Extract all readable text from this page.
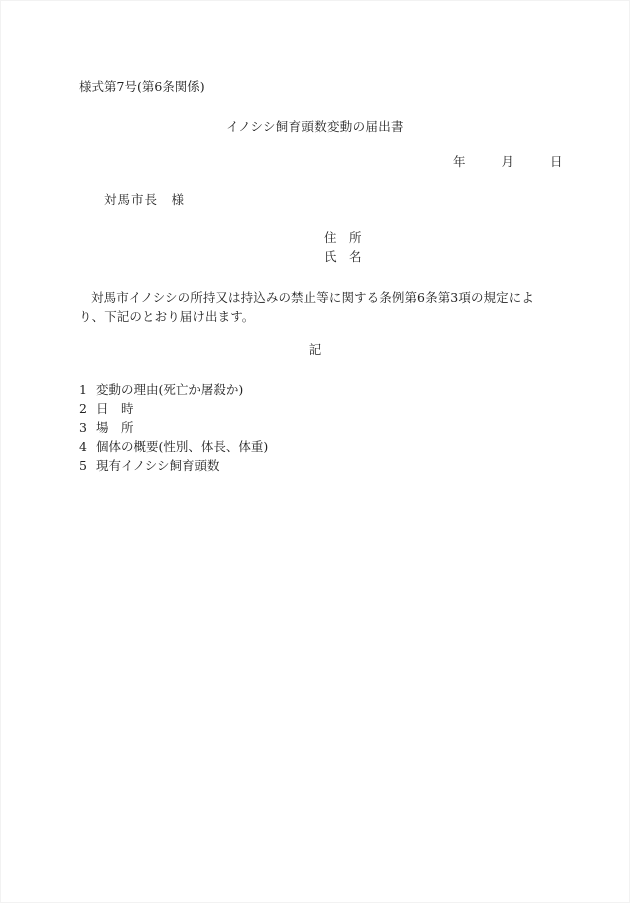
様式第7号(第6条関係)
イノシシ飼育頭数変動の届出書
年	月	日
対馬市長　様
住　所
氏　名
対馬市イノシシの所持又は持込みの禁止等に関する条例第6条第3項の規定により、下記のとおり届け出ます。
記
1 変動の理由(死亡か屠殺か)
2 日　時
3 場　所
4 個体の概要(性別、体長、体重)
5 現有イノシシ飼育頭数
